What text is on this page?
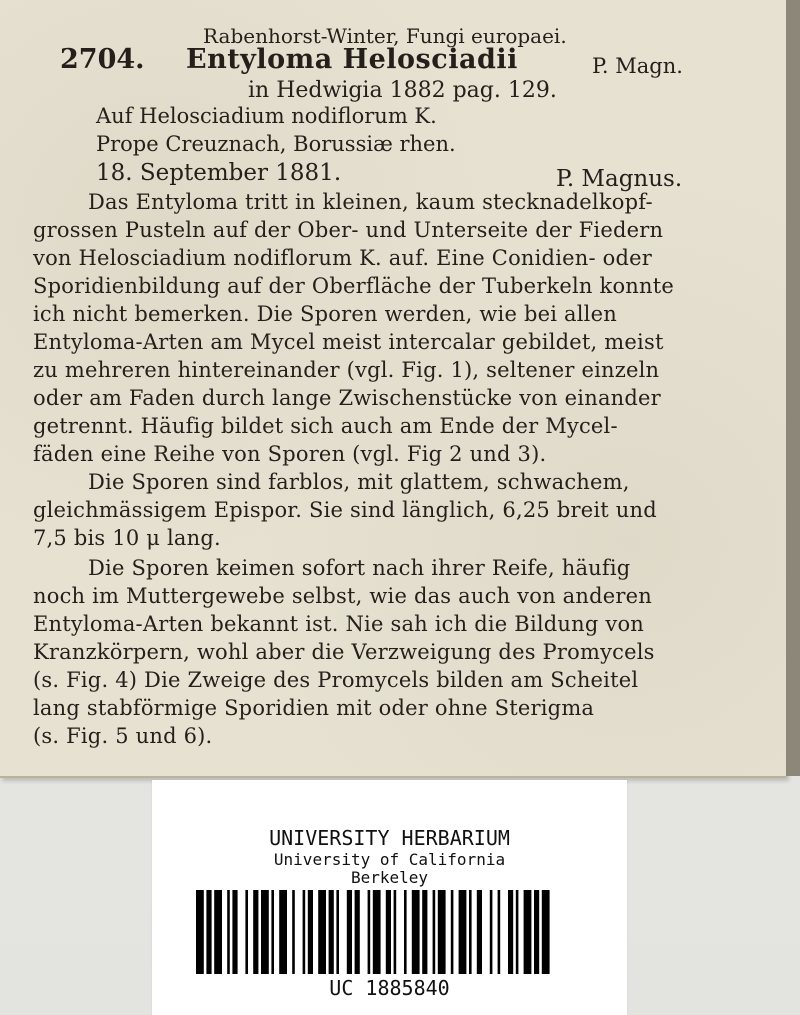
Rabenhorst-Winter, Fungi europaei.
2704. Entyloma Helosciadii	P. Magn.
in Hedwigia 1882 pag. 129.
Auf Helosciadium nodiflorum K.
Prope Creuznach, Borussiæ rhen.
18. September 1881.	P. Magnus.
Das Entyloma tritt in kleinen, kaum stecknadelkopf-
grossen Pusteln auf der Ober- und Unterseite der Fiedern
von Helosciadium nodiflorum K. auf. Eine Conidien- oder
Sporidienbildung auf der Oberfläche der Tuberkeln konnte
ich nicht bemerken. Die Sporen werden, wie bei allen
Entyloma-Arten am Mycel meist intercalar gebildet, meist
zu mehreren hintereinander (vgl. Fig. 1), seltener einzeln
oder am Faden durch lange Zwischenstücke von einander
getrennt. Häufig bildet sich auch am Ende der Mycel-
fäden eine Reihe von Sporen (vgl. Fig 2 und 3).
Die Sporen sind farblos, mit glattem, schwachem,
gleichmässigem Epispor. Sie sind länglich, 6,25 breit und
7,5 bis 10 μ lang.
Die Sporen keimen sofort nach ihrer Reife, häufig
noch im Muttergewebe selbst, wie das auch von anderen
Entyloma-Arten bekannt ist. Nie sah ich die Bildung von
Kranzkörpern, wohl aber die Verzweigung des Promycels
(s. Fig. 4) Die Zweige des Promycels bilden am Scheitel
lang stabförmige Sporidien mit oder ohne Sterigma
(s. Fig. 5 und 6).
UNIVERSITY HERBARIUM
University of California
Berkeley
UC 1885840
